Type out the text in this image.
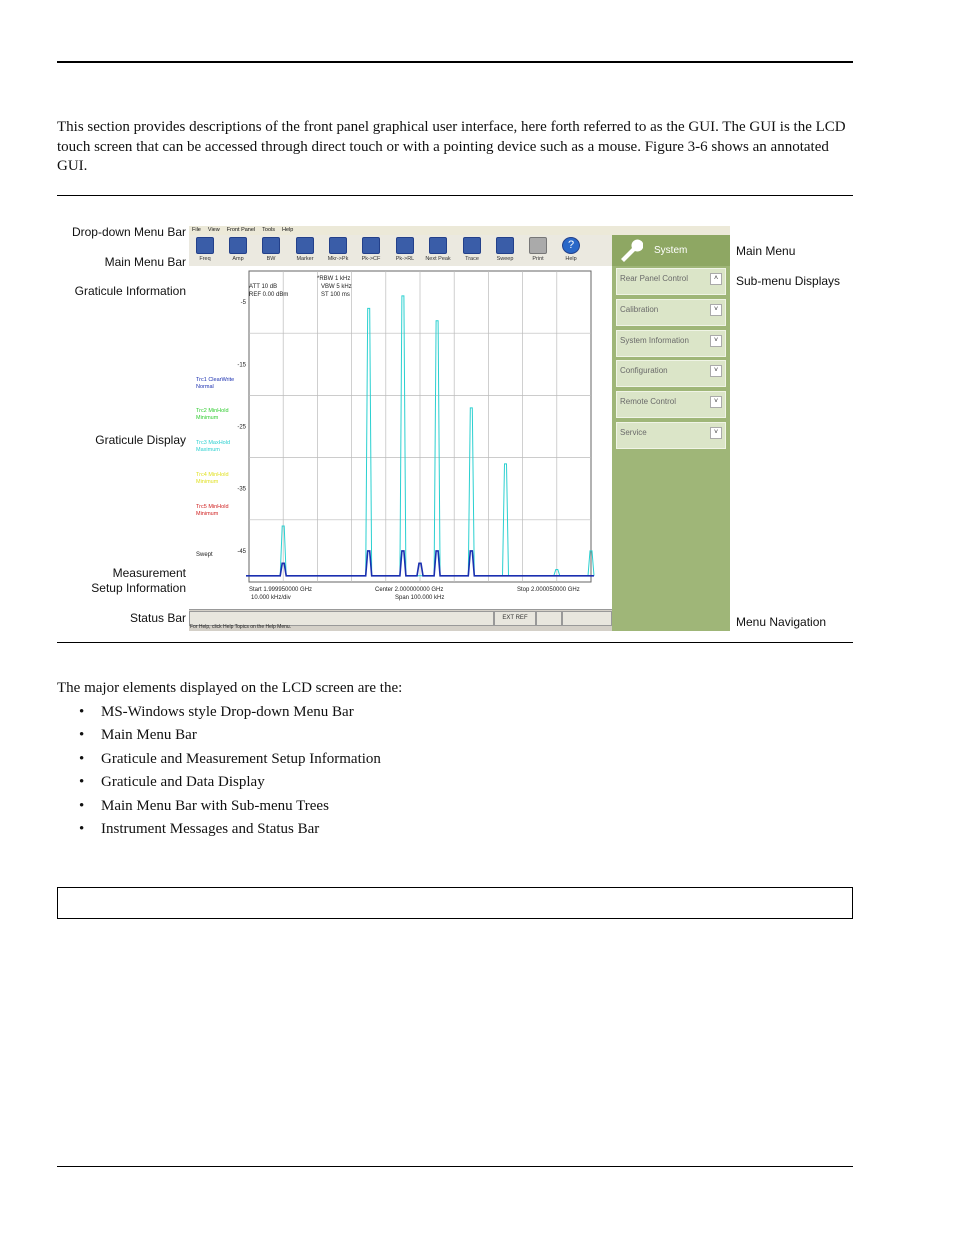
This section provides descriptions of the front panel graphical user interface, here forth referred to as the GUI. The GUI is the LCD touch screen that can be accessed through direct touch or with a pointing device such as a mouse. Figure 3-6 shows an annotated GUI.
Drop-down Menu Bar
Main Menu Bar
Graticule Information
Graticule Display
Measurement
Setup Information
Status Bar
Main Menu
Sub-menu Displays
Menu Navigation
File View Front Panel Tools Help
Freq	Amp	BW	Marker	Mkr->Pk	Pk->CF	Pk->RL	Next Peak	Trace	Sweep	Print
?
Help
-5
-15
-25
-35
-45
ATT 10 dB
REF 0.00 dBm
*RBW 1 kHz
VBW 5 kHz
ST 100 ms
Trc1 ClearWrite
Normal
Trc2 MinHold
Minimum
Trc3 MaxHold
Maximum
Trc4 MinHold
Minimum
Trc5 MinHold
Minimum
Swept
Start 1.999950000 GHz
10.000 kHz/div
Center 2.000000000 GHz
Span 100.000 kHz
Stop 2.000050000 GHz
EXT REF
For Help, click Help Topics on the Help Menu.
System
Rear Panel Control	˄
Calibration	˅
System Information	˅
Configuration	˅
Remote Control	˅
Service	˅
The major elements displayed on the LCD screen are the:
• MS-Windows style Drop-down Menu Bar
• Main Menu Bar
• Graticule and Measurement Setup Information
• Graticule and Data Display
• Main Menu Bar with Sub-menu Trees
• Instrument Messages and Status Bar
